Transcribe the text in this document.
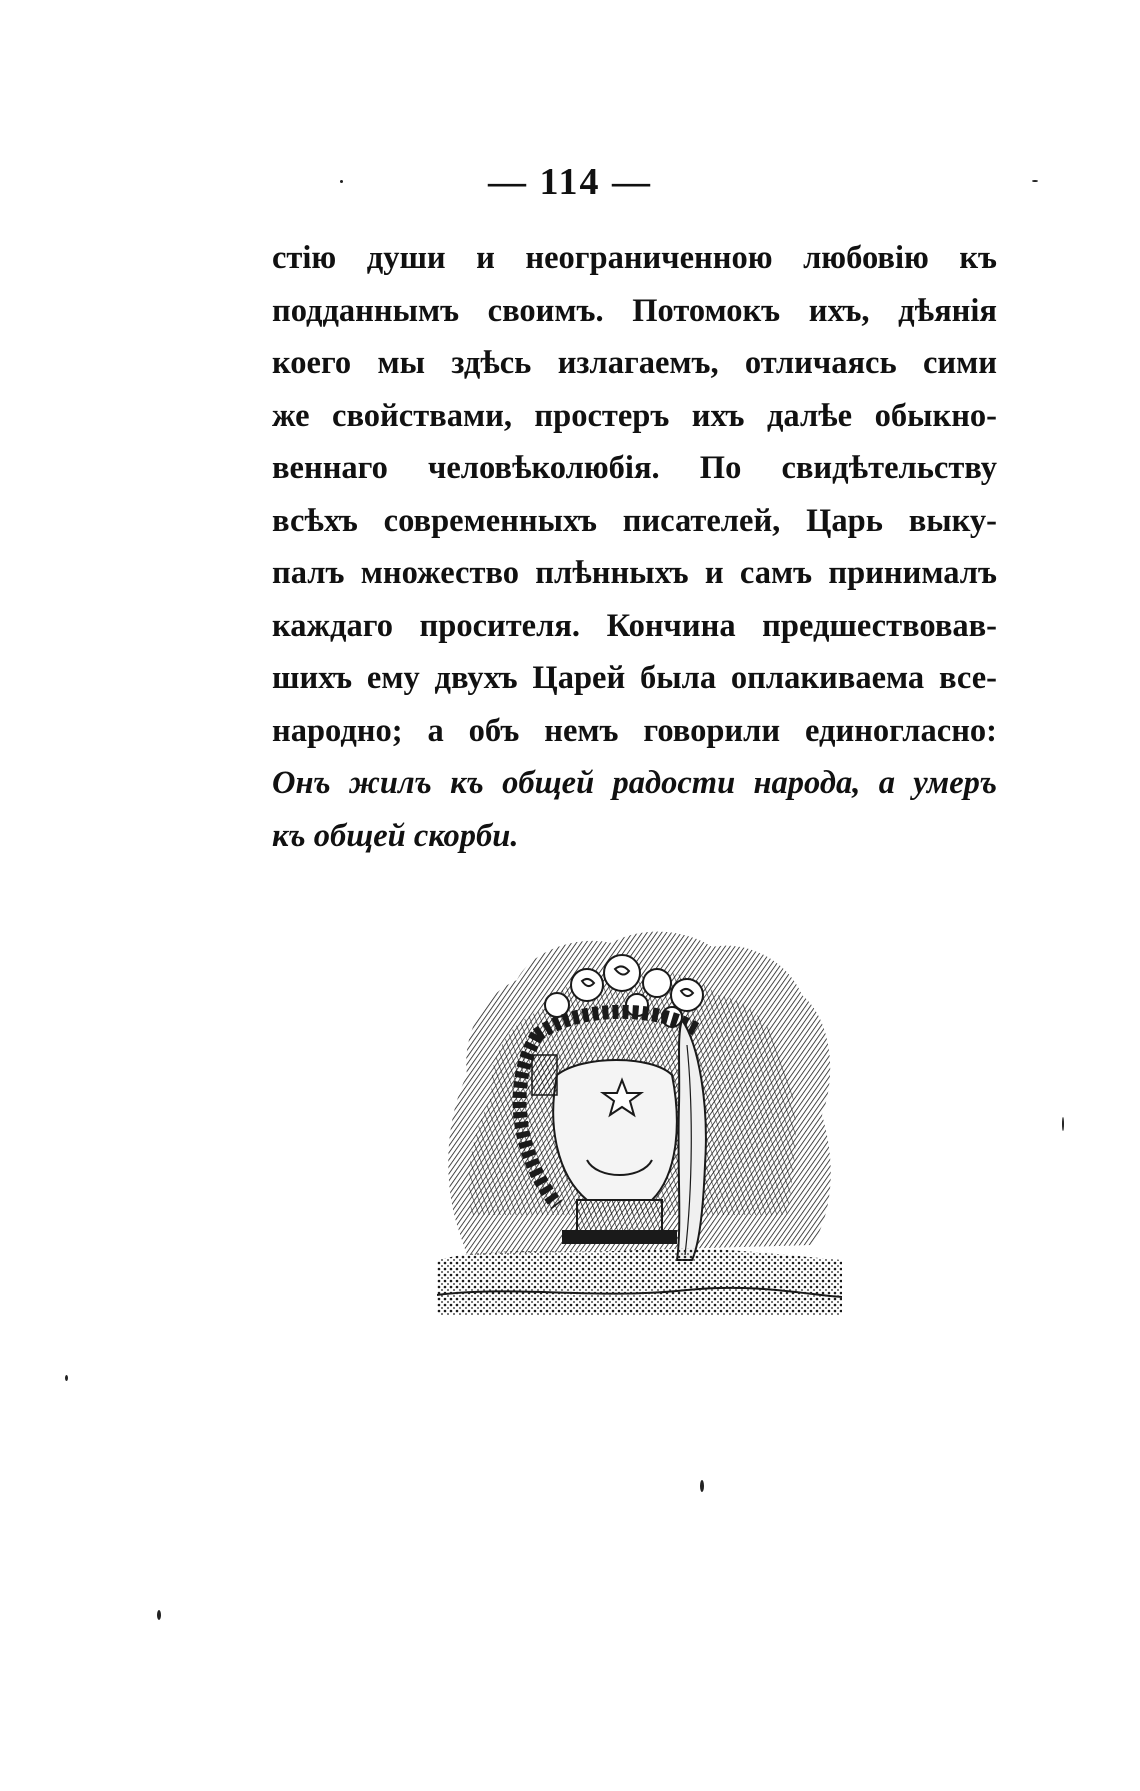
— 114 —
стію души и неограниченною любовію къ
подданнымъ своимъ. Потомокъ ихъ, дѣянія
коего мы здѣсь излагаемъ, отличаясь сими
же свойствами, простеръ ихъ далѣе обыкно-
веннаго человѣколюбія. По свидѣтельству
всѣхъ современныхъ писателей, Царь выку-
палъ множество плѣнныхъ и самъ принималъ
каждаго просителя. Кончина предшествовав-
шихъ ему двухъ Царей была оплакиваема все-
народно; а объ немъ говорили единогласно:
Онъ жилъ къ общей радости народа, а умеръ
къ общей скорби.
